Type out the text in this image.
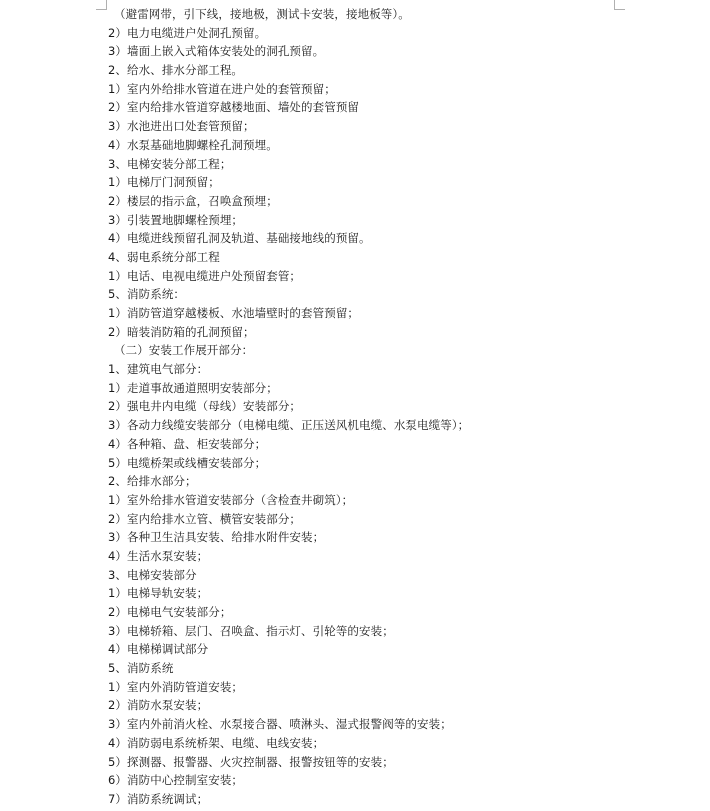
（避雷网带，引下线，接地极，测试卡安装，接地板等）。
2）电力电缆进户处洞孔预留。
3）墙面上嵌入式箱体安装处的洞孔预留。
2、给水、排水分部工程。
1）室内外给排水管道在进户处的套管预留；
2）室内给排水管道穿越楼地面、墙处的套管预留
3）水池进出口处套管预留；
4）水泵基础地脚螺栓孔洞预埋。
3、电梯安装分部工程；
1）电梯厅门洞预留；
2）楼层的指示盒，召唤盒预埋；
3）引装置地脚螺栓预埋；
4）电缆进线预留孔洞及轨道、基础接地线的预留。
4、弱电系统分部工程
1）电话、电视电缆进户处预留套管；
5、消防系统：
1）消防管道穿越楼板、水池墙壁时的套管预留；
2）暗装消防箱的孔洞预留；
（二）安装工作展开部分：
1、建筑电气部分：
1）走道事故通道照明安装部分；
2）强电井内电缆（母线）安装部分；
3）各动力线缆安装部分（电梯电缆、正压送风机电缆、水泵电缆等）；
4）各种箱、盘、柜安装部分；
5）电缆桥架或线槽安装部分；
2、给排水部分；
1）室外给排水管道安装部分（含检查井砌筑）；
2）室内给排水立管、横管安装部分；
3）各种卫生洁具安装、给排水附件安装；
4）生活水泵安装；
3、电梯安装部分
1）电梯导轨安装；
2）电梯电气安装部分；
3）电梯轿箱、层门、召唤盒、指示灯、引轮等的安装；
4）电梯梯调试部分
5、消防系统
1）室内外消防管道安装；
2）消防水泵安装；
3）室内外前消火栓、水泵接合器、喷淋头、湿式报警阀等的安装；
4）消防弱电系统桥架、电缆、电线安装；
5）探测器、报警器、火灾控制器、报警按钮等的安装；
6）消防中心控制室安装；
7）消防系统调试；
